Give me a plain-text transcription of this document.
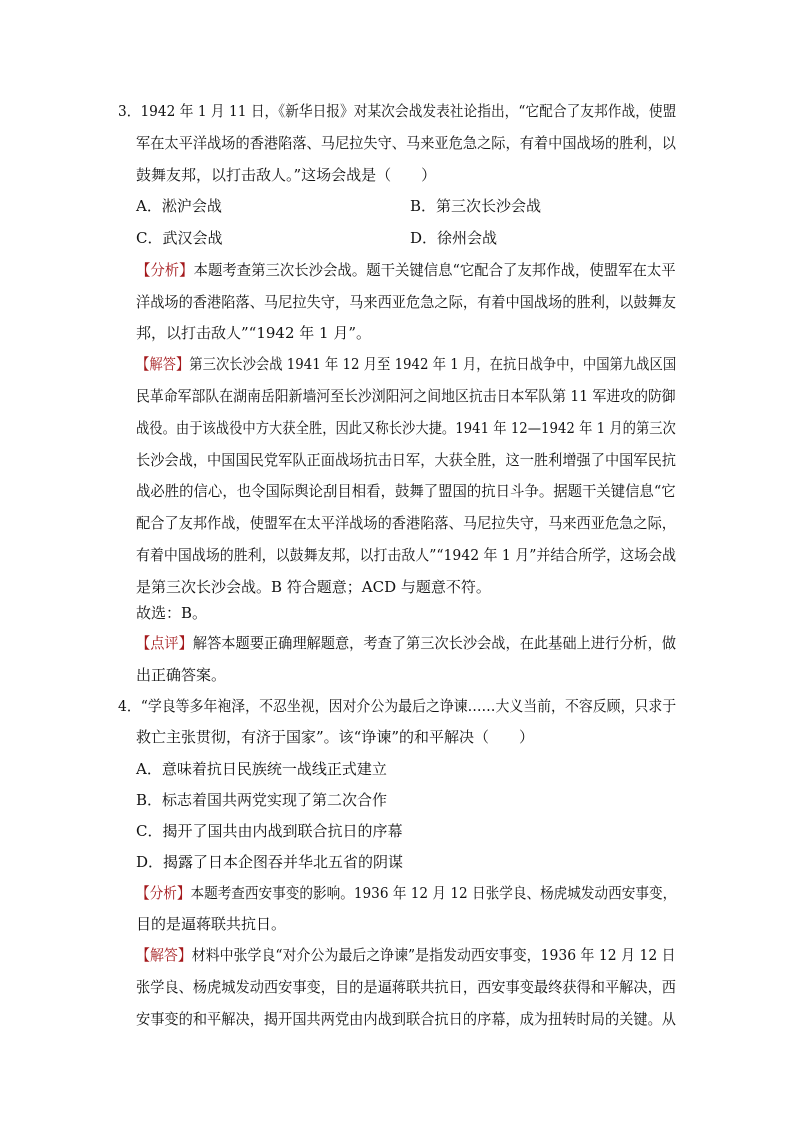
3．1942 年 1 月 11 日，《新华日报》对某次会战发表社论指出，“它配合了友邦作战，使盟
军在太平洋战场的香港陷落、马尼拉失守、马来亚危急之际，有着中国战场的胜利，以
鼓舞友邦，以打击敌人。”这场会战是（　　）
A．淞沪会战	B．第三次长沙会战
C．武汉会战	D．徐州会战
【分析】本题考查第三次长沙会战。题干关键信息“它配合了友邦作战，使盟军在太平
洋战场的香港陷落、马尼拉失守，马来西亚危急之际，有着中国战场的胜利，以鼓舞友
邦，以打击敌人”“1942 年 1 月”。
【解答】第三次长沙会战 1941 年 12 月至 1942 年 1 月，在抗日战争中，中国第九战区国
民革命军部队在湖南岳阳新墙河至长沙浏阳河之间地区抗击日本军队第 11 军进攻的防御
战役。由于该战役中方大获全胜，因此又称长沙大捷。1941 年 12—1942 年 1 月的第三次
长沙会战，中国国民党军队正面战场抗击日军，大获全胜，这一胜利增强了中国军民抗
战必胜的信心，也令国际舆论刮目相看，鼓舞了盟国的抗日斗争。据题干关键信息“它
配合了友邦作战，使盟军在太平洋战场的香港陷落、马尼拉失守，马来西亚危急之际，
有着中国战场的胜利，以鼓舞友邦，以打击敌人”“1942 年 1 月”并结合所学，这场会战
是第三次长沙会战。B 符合题意；ACD 与题意不符。
故选：B。
【点评】解答本题要正确理解题意，考查了第三次长沙会战，在此基础上进行分析，做
出正确答案。
4．“学良等多年袍泽，不忍坐视，因对介公为最后之诤谏……大义当前，不容反顾，只求于
救亡主张贯彻，有济于国家”。该“诤谏”的和平解决（　　）
A．意味着抗日民族统一战线正式建立
B．标志着国共两党实现了第二次合作
C．揭开了国共由内战到联合抗日的序幕
D．揭露了日本企图吞并华北五省的阴谋
【分析】本题考查西安事变的影响。1936 年 12 月 12 日张学良、杨虎城发动西安事变，
目的是逼蒋联共抗日。
【解答】材料中张学良“对介公为最后之诤谏”是指发动西安事变，1936 年 12 月 12 日
张学良、杨虎城发动西安事变，目的是逼蒋联共抗日，西安事变最终获得和平解决，西
安事变的和平解决，揭开国共两党由内战到联合抗日的序幕，成为扭转时局的关键。从
